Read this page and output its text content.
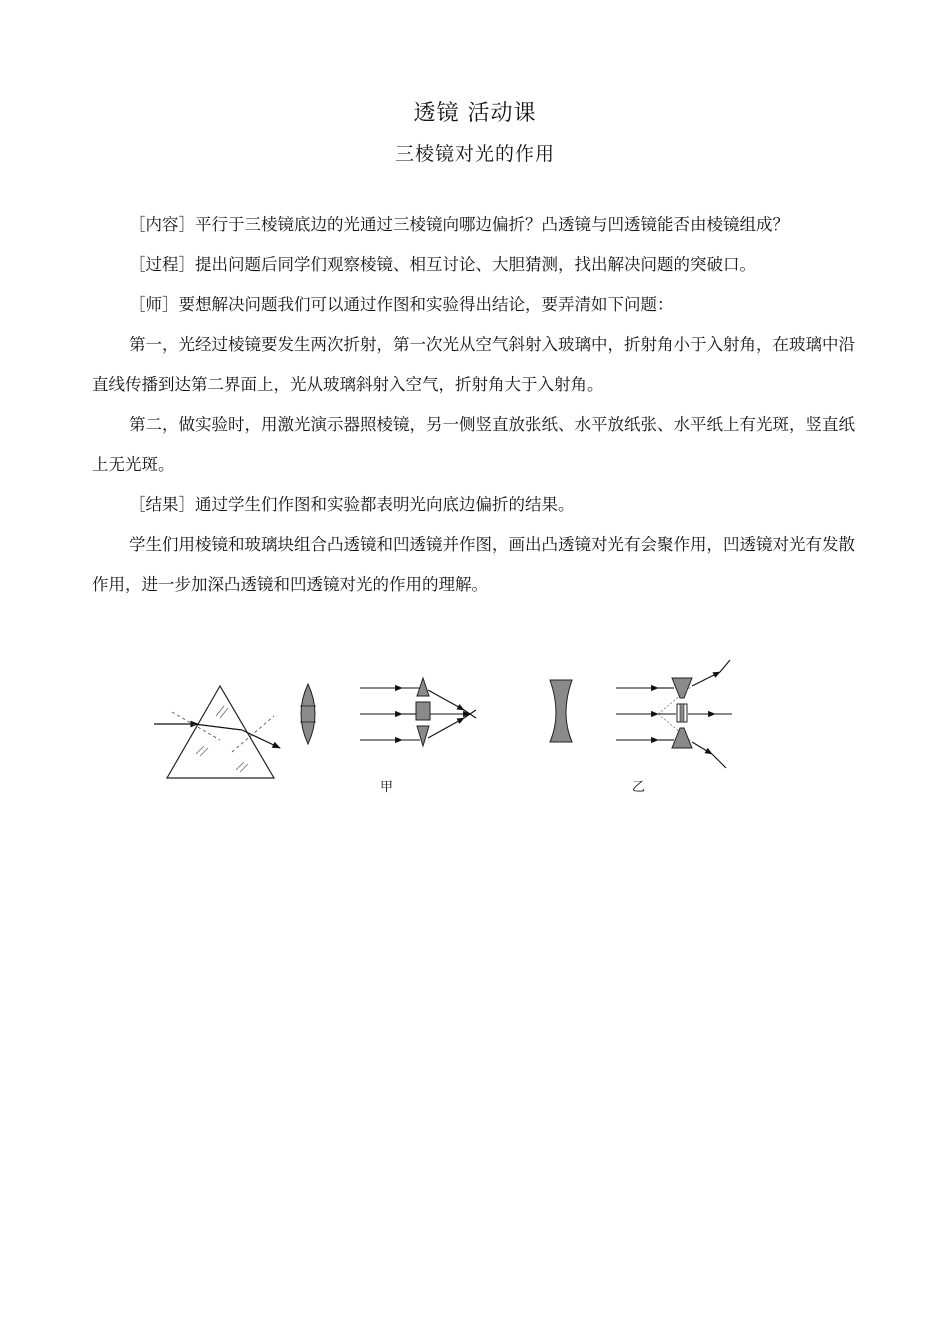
透镜 活动课
三棱镜对光的作用

［内容］平行于三棱镜底边的光通过三棱镜向哪边偏折？凸透镜与凹透镜能否由棱镜组成？

［过程］提出问题后同学们观察棱镜、相互讨论、大胆猜测，找出解决问题的突破口。

［师］要想解决问题我们可以通过作图和实验得出结论，要弄清如下问题：

第一，光经过棱镜要发生两次折射，第一次光从空气斜射入玻璃中，折射角小于入射角，在玻璃中沿直线传播到达第二界面上，光从玻璃斜射入空气，折射角大于入射角。

第二，做实验时，用激光演示器照棱镜，另一侧竖直放张纸、水平放纸张、水平纸上有光斑，竖直纸上无光斑。

［结果］通过学生们作图和实验都表明光向底边偏折的结果。

学生们用棱镜和玻璃块组合凸透镜和凹透镜并作图，画出凸透镜对光有会聚作用，凹透镜对光有发散作用，进一步加深凸透镜和凹透镜对光的作用的理解。

甲	乙
